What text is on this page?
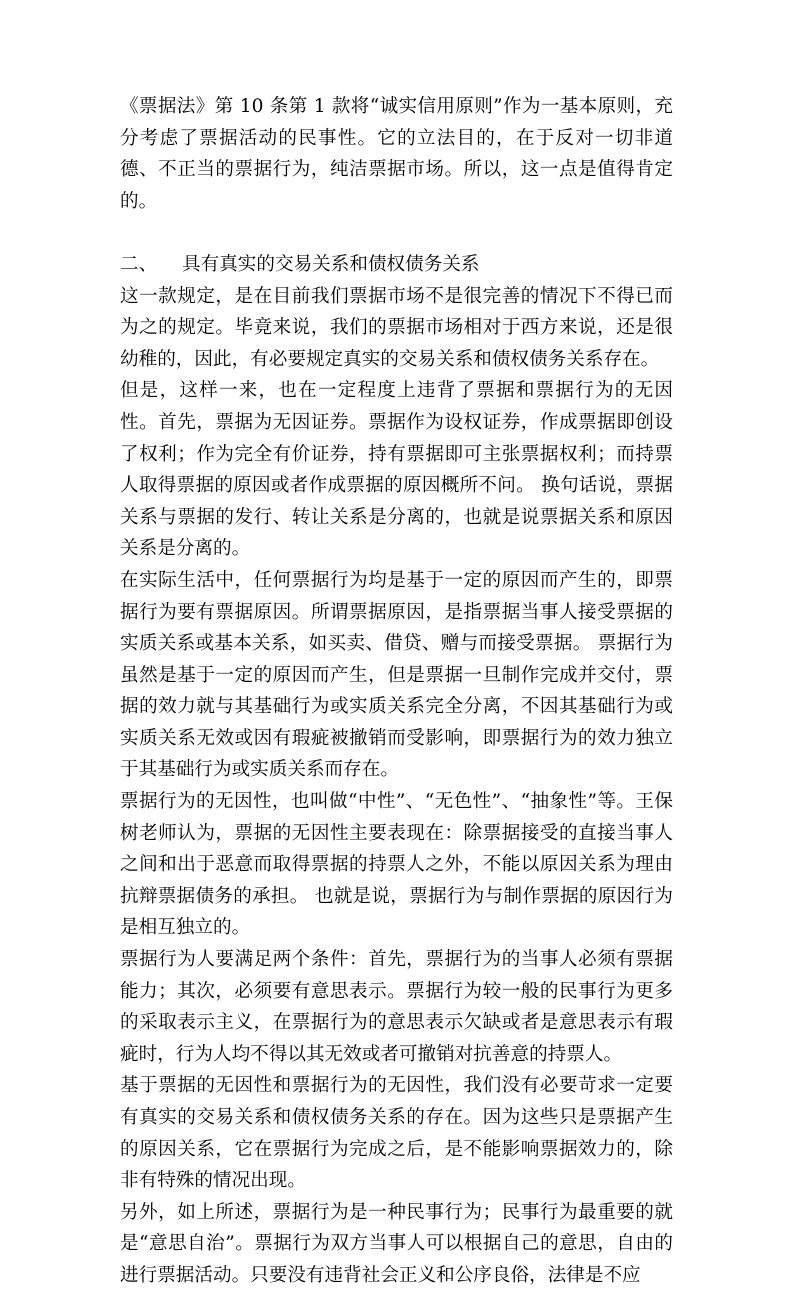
《票据法》第 10 条第 1 款将“诚实信用原则”作为一基本原则，充分考虑了票据活动的民事性。它的立法目的，在于反对一切非道德、不正当的票据行为，纯洁票据市场。所以，这一点是值得肯定的。

二、	具有真实的交易关系和债权债务关系

这一款规定，是在目前我们票据市场不是很完善的情况下不得已而为之的规定。毕竟来说，我们的票据市场相对于西方来说，还是很幼稚的，因此，有必要规定真实的交易关系和债权债务关系存在。

但是，这样一来，也在一定程度上违背了票据和票据行为的无因性。首先，票据为无因证券。票据作为设权证券，作成票据即创设了权利；作为完全有价证券，持有票据即可主张票据权利；而持票人取得票据的原因或者作成票据的原因概所不问。 换句话说，票据关系与票据的发行、转让关系是分离的，也就是说票据关系和原因关系是分离的。

在实际生活中，任何票据行为均是基于一定的原因而产生的，即票据行为要有票据原因。所谓票据原因，是指票据当事人接受票据的实质关系或基本关系，如买卖、借贷、赠与而接受票据。 票据行为虽然是基于一定的原因而产生，但是票据一旦制作完成并交付，票据的效力就与其基础行为或实质关系完全分离，不因其基础行为或实质关系无效或因有瑕疵被撤销而受影响，即票据行为的效力独立于其基础行为或实质关系而存在。

票据行为的无因性，也叫做“中性”、“无色性”、“抽象性”等。王保树老师认为，票据的无因性主要表现在：除票据接受的直接当事人之间和出于恶意而取得票据的持票人之外，不能以原因关系为理由抗辩票据债务的承担。 也就是说，票据行为与制作票据的原因行为是相互独立的。

票据行为人要满足两个条件：首先，票据行为的当事人必须有票据能力；其次，必须要有意思表示。票据行为较一般的民事行为更多的采取表示主义，在票据行为的意思表示欠缺或者是意思表示有瑕疵时，行为人均不得以其无效或者可撤销对抗善意的持票人。

基于票据的无因性和票据行为的无因性，我们没有必要苛求一定要有真实的交易关系和债权债务关系的存在。因为这些只是票据产生的原因关系，它在票据行为完成之后，是不能影响票据效力的，除非有特殊的情况出现。

另外，如上所述，票据行为是一种民事行为；民事行为最重要的就是“意思自治”。票据行为双方当事人可以根据自己的意思，自由的进行票据活动。只要没有违背社会正义和公序良俗，法律是不应
